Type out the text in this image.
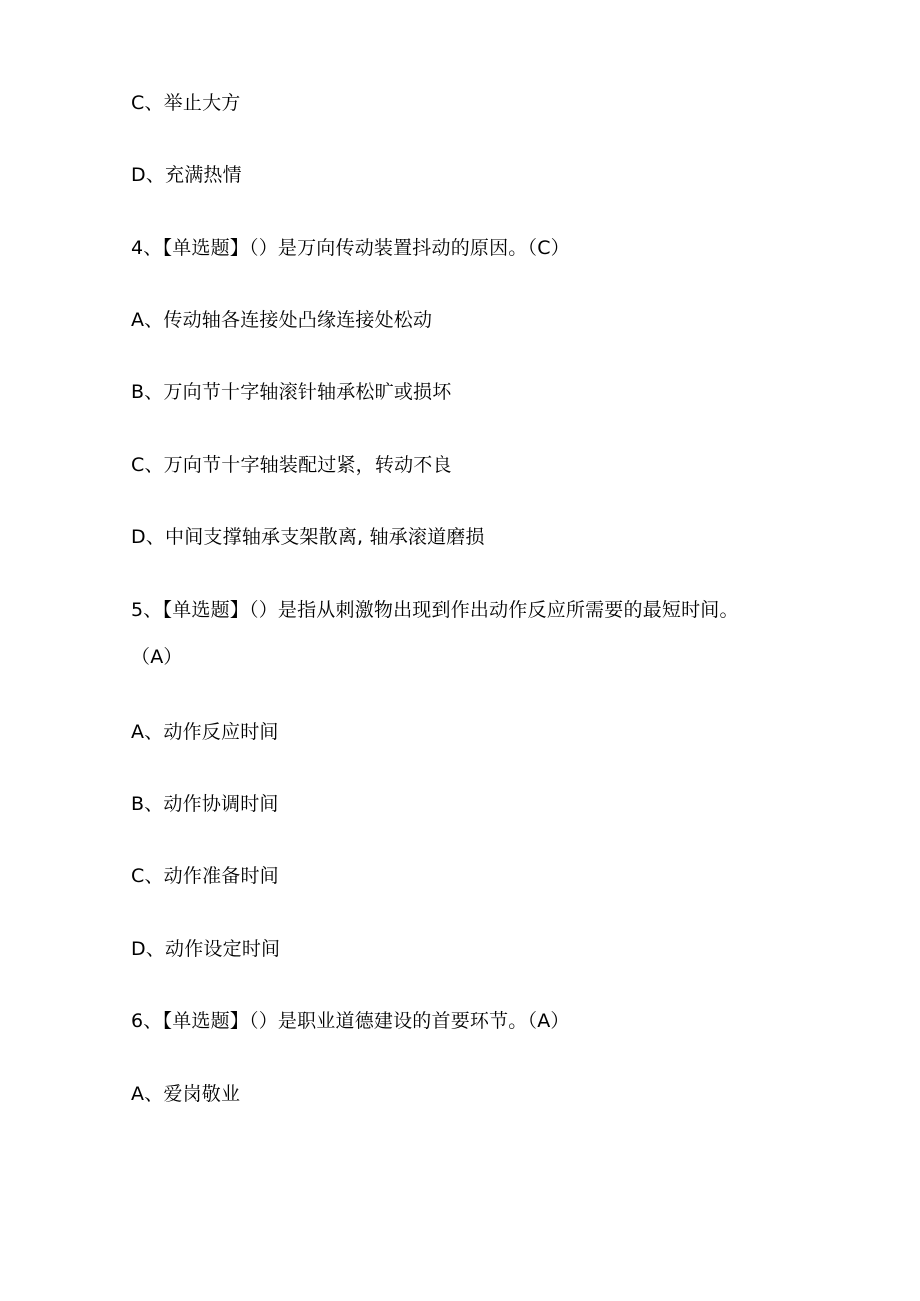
C、举止大方
D、充满热情
4、【单选题】（）是万向传动装置抖动的原因。（C）
A、传动轴各连接处凸缘连接处松动
B、万向节十字轴滚针轴承松旷或损坏
C、万向节十字轴装配过紧，转动不良
D、中间支撑轴承支架散离, 轴承滚道磨损
5、【单选题】（）是指从刺激物出现到作出动作反应所需要的最短时间。
（A）
A、动作反应时间
B、动作协调时间
C、动作准备时间
D、动作设定时间
6、【单选题】（）是职业道德建设的首要环节。（A）
A、爱岗敬业
